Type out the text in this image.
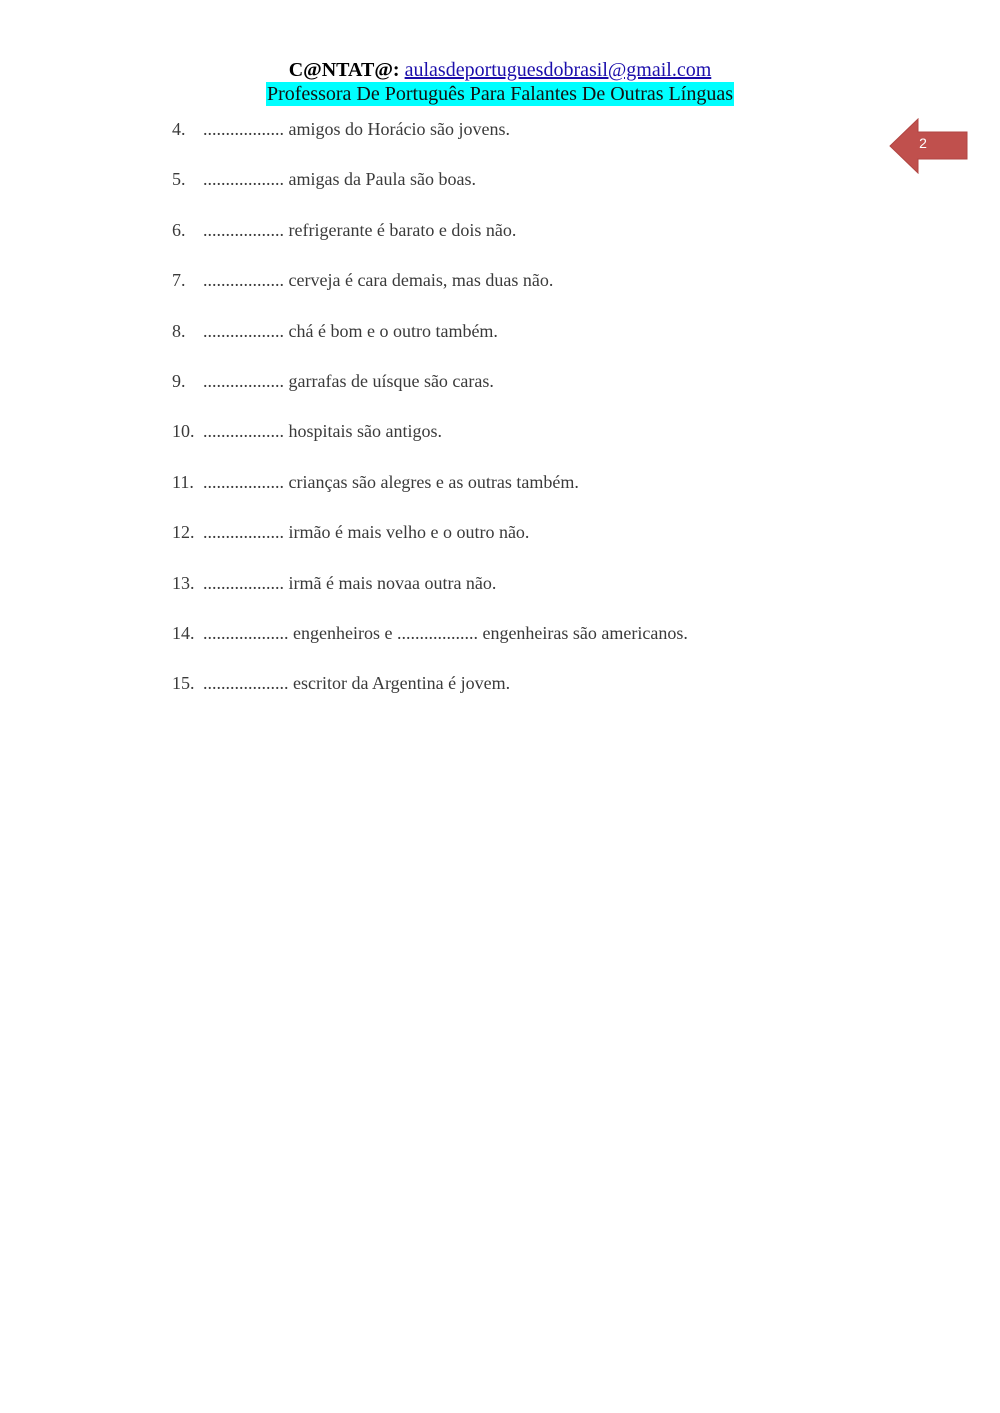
C@NTAT@: aulasdeportuguesdobrasil@gmail.com
Professora De Português Para Falantes De Outras Línguas
2
4. .................. amigos do Horácio são jovens.
5. .................. amigas da Paula são boas.
6. .................. refrigerante é barato e dois não.
7. .................. cerveja é cara demais, mas duas não.
8. .................. chá é bom e o outro também.
9. .................. garrafas de uísque são caras.
10. .................. hospitais são antigos.
11. .................. crianças são alegres e as outras também.
12. .................. irmão é mais velho e o outro não.
13. .................. irmã é mais novaa outra não.
14. ................... engenheiros e .................. engenheiras são americanos.
15. ................... escritor da Argentina é jovem.
